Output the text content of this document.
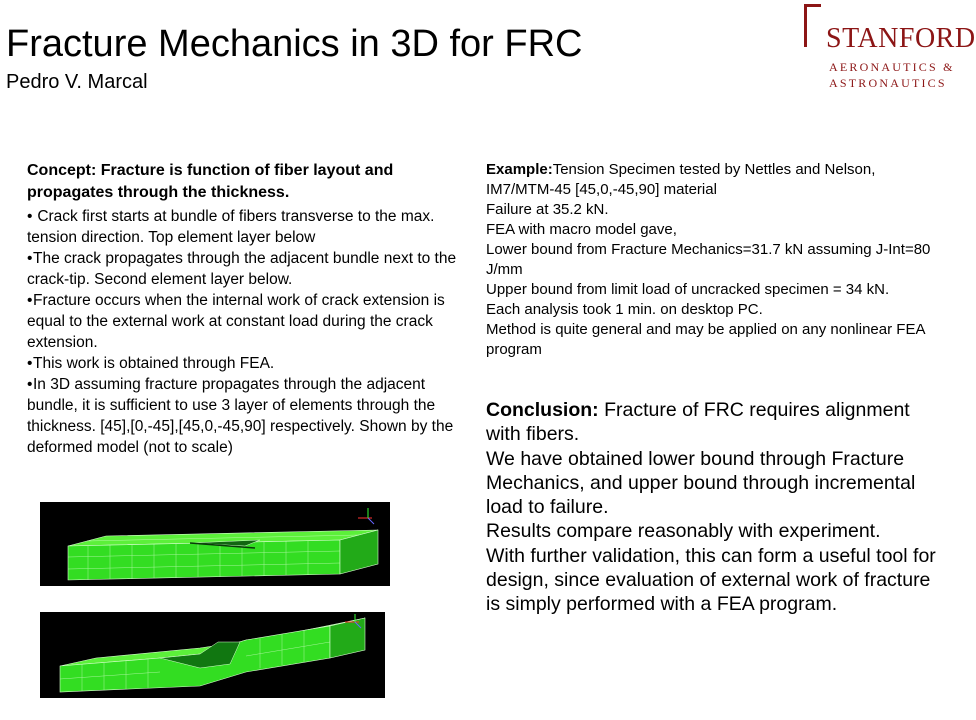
Fracture Mechanics in 3D for FRC
Pedro V. Marcal
STANFORD
AERONAUTICS &
ASTRONAUTICS
Concept: Fracture is function of fiber layout and propagates through the thickness.

• Crack first starts at bundle of fibers transverse to the max. tension direction. Top element layer below

•The crack propagates through the adjacent bundle next to the crack-tip. Second element layer below.

•Fracture occurs when the internal work of crack extension is equal to the external work at constant load during the crack extension.

•This work is obtained through FEA.

•In 3D assuming fracture propagates through the adjacent bundle, it is sufficient to use 3 layer of elements through the thickness. [45],[0,-45],[45,0,-45,90] respectively. Shown by the deformed model (not to scale)

Example:Tension Specimen tested by Nettles and Nelson, IM7/MTM-45 [45,0,-45,90] material

Failure at 35.2 kN.

FEA with macro model gave,

Lower bound from Fracture Mechanics=31.7 kN assuming J-Int=80 J/mm

Upper bound from limit load of uncracked specimen = 34 kN.

Each analysis took 1 min. on desktop PC.

Method is quite general and may be applied on any nonlinear FEA program

Conclusion: Fracture of FRC requires alignment with fibers.

We have obtained lower bound through Fracture Mechanics, and upper bound through incremental load to failure.

Results compare reasonably with experiment.

With further validation, this can form a useful tool for design, since evaluation of external work of fracture is simply performed with a FEA program.
